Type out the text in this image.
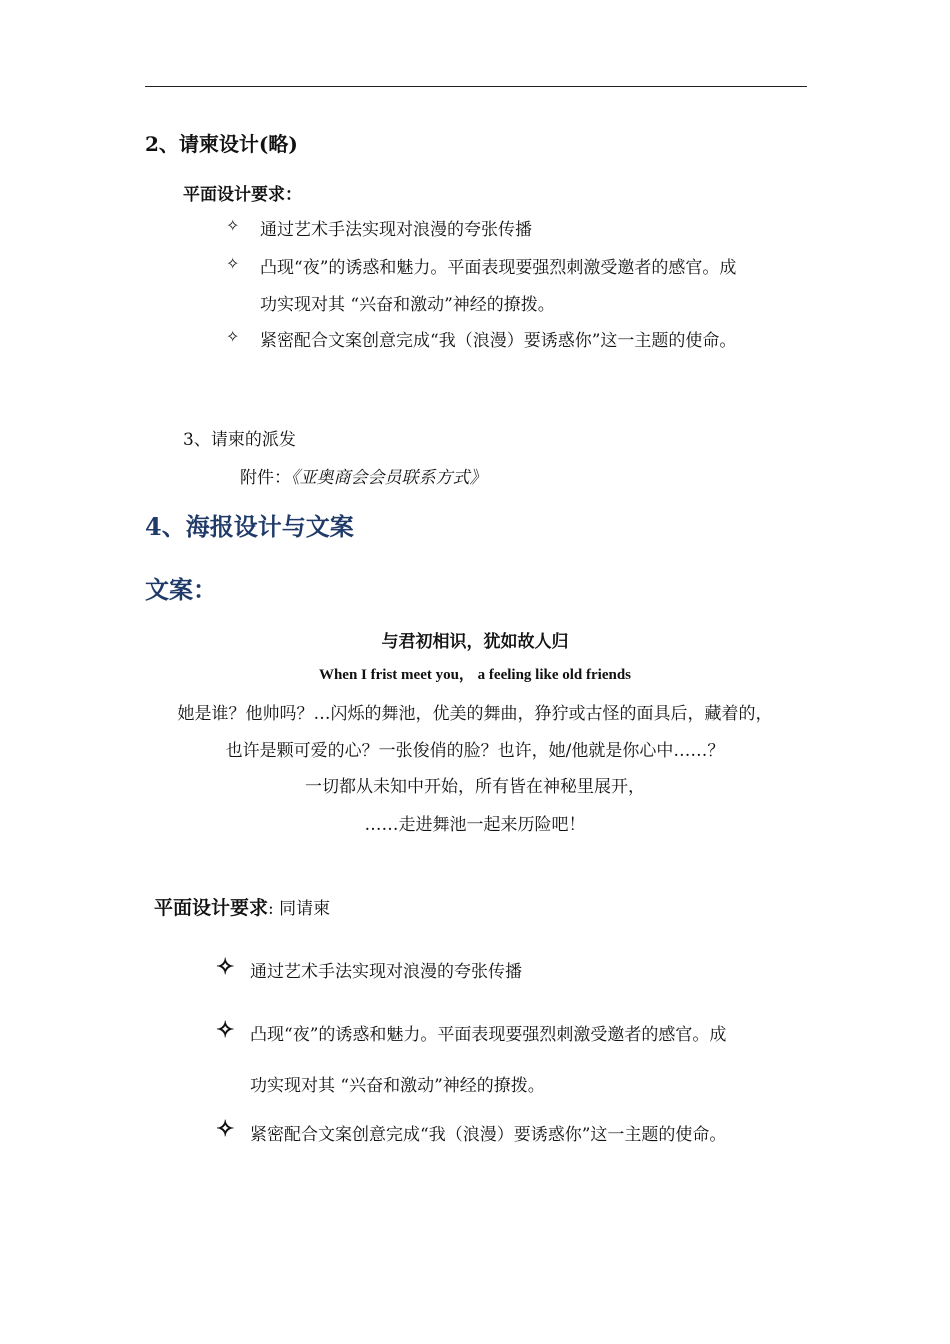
2、请柬设计(略)
平面设计要求：
✧ 通过艺术手法实现对浪漫的夸张传播
✧ 凸现“夜”的诱惑和魅力。平面表现要强烈刺激受邀者的感官。成
功实现对其 “兴奋和激动”神经的撩拨。
✧ 紧密配合文案创意完成“我（浪漫）要诱惑你”这一主题的使命。
3、请柬的派发
附件：《亚奥商会会员联系方式》
4、海报设计与文案
文案：
与君初相识，犹如故人归
When I frist meet you， a feeling like old friends
她是谁？他帅吗？…闪烁的舞池，优美的舞曲，狰狞或古怪的面具后，藏着的，
也许是颗可爱的心？一张俊俏的脸？也许，她/他就是你心中……？
一切都从未知中开始，所有皆在神秘里展开，
……走进舞池一起来历险吧！
平面设计要求: 同请柬
✧ 通过艺术手法实现对浪漫的夸张传播
✧ 凸现“夜”的诱惑和魅力。平面表现要强烈刺激受邀者的感官。成
功实现对其 “兴奋和激动”神经的撩拨。
✧ 紧密配合文案创意完成“我（浪漫）要诱惑你”这一主题的使命。
